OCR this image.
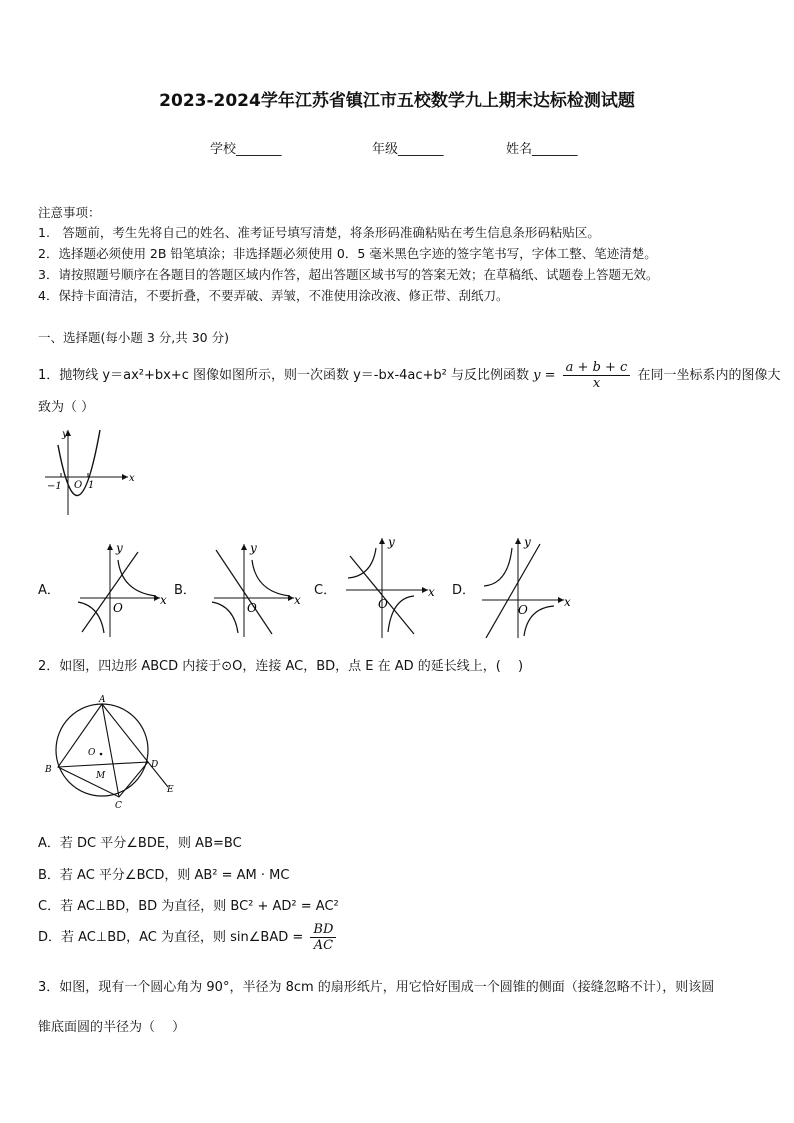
2023-2024学年江苏省镇江市五校数学九上期末达标检测试题
学校_______	年级_______	姓名_______
注意事项：
1.　答题前，考生先将自己的姓名、准考证号填写清楚，将条形码准确粘贴在考生信息条形码粘贴区。
2．选择题必须使用 2B 铅笔填涂；非选择题必须使用 0．5 毫米黑色字迹的签字笔书写，字体工整、笔迹清楚。
3．请按照题号顺序在各题目的答题区域内作答，超出答题区域书写的答案无效；在草稿纸、试题卷上答题无效。
4．保持卡面清洁，不要折叠，不要弄破、弄皱，不准使用涂改液、修正带、刮纸刀。
一、选择题(每小题 3 分,共 30 分)
1．抛物线 y＝ax²+bx+c 图像如图所示，则一次函数 y＝-bx-4ac+b² 与反比例函数 $y = \frac{a + b + c}{x}$ 在同一坐标系内的图像大
致为（ ）
y
x
−1 O 1
A．
y
x
O
B．
y
x
O
C．
y
x
O
D．
y
x
O
2．如图，四边形 ABCD 内接于⊙O，连接 AC，BD，点 E 在 AD 的延长线上，(　 )
A
B
C
D
E
M
O
A．若 DC 平分∠BDE，则 AB=BC
B．若 AC 平分∠BCD，则 AB² = AM · MC
C．若 AC⊥BD，BD 为直径，则 BC² + AD² = AC²
D．若 AC⊥BD，AC 为直径，则 sin∠BAD = $\frac{BD}{AC}$
3．如图，现有一个圆心角为 90°，半径为 8cm 的扇形纸片，用它恰好围成一个圆锥的侧面（接缝忽略不计），则该圆
锥底面圆的半径为（　 ）
